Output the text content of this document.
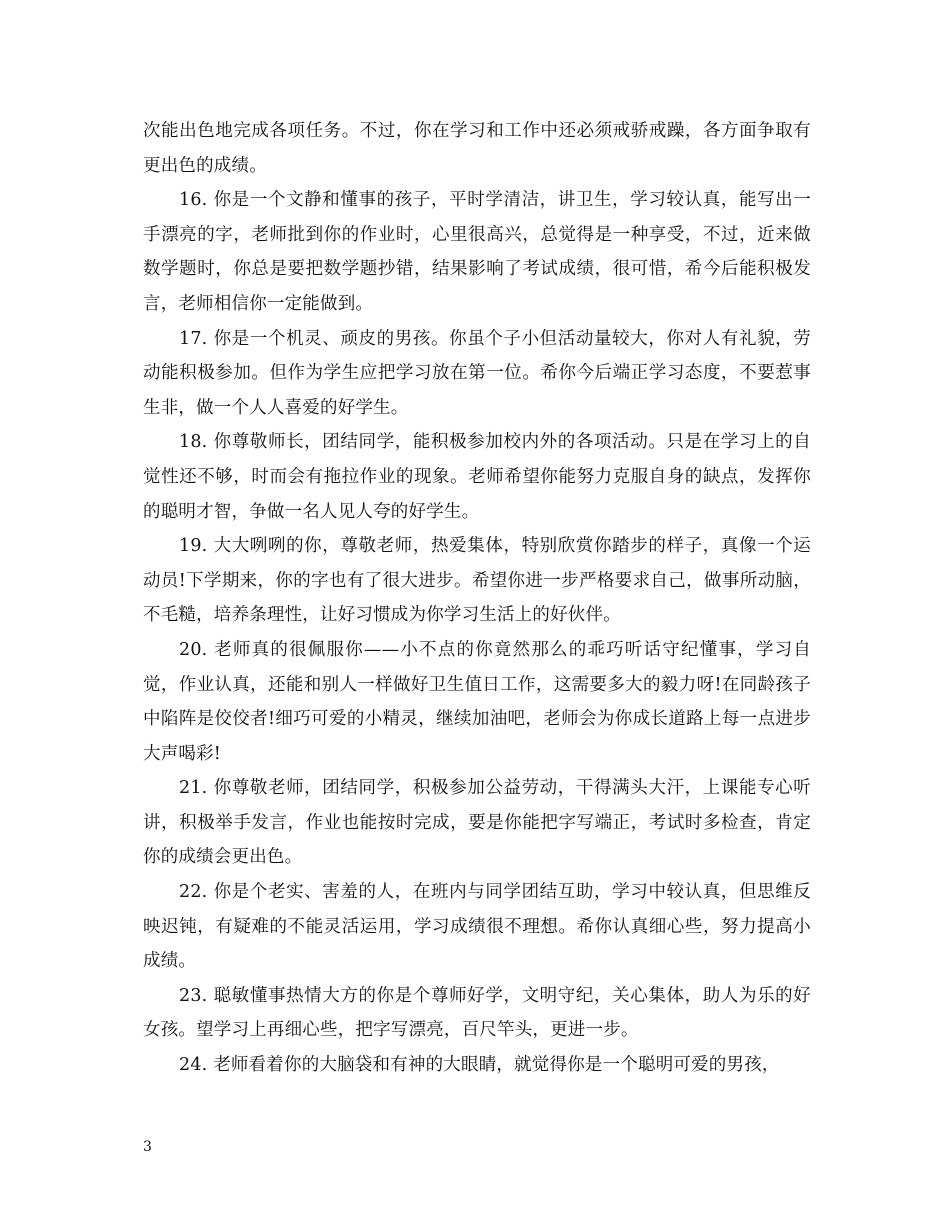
次能出色地完成各项任务。不过，你在学习和工作中还必须戒骄戒躁，各方面争取有更出色的成绩。

16. 你是一个文静和懂事的孩子，平时学清洁，讲卫生，学习较认真，能写出一手漂亮的字，老师批到你的作业时，心里很高兴，总觉得是一种享受，不过，近来做数学题时，你总是要把数学题抄错，结果影响了考试成绩，很可惜，希今后能积极发言，老师相信你一定能做到。

17. 你是一个机灵、顽皮的男孩。你虽个子小但活动量较大，你对人有礼貌，劳动能积极参加。但作为学生应把学习放在第一位。希你今后端正学习态度，不要惹事生非，做一个人人喜爱的好学生。

18. 你尊敬师长，团结同学，能积极参加校内外的各项活动。只是在学习上的自觉性还不够，时而会有拖拉作业的现象。老师希望你能努力克服自身的缺点，发挥你的聪明才智，争做一名人见人夸的好学生。

19. 大大咧咧的你，尊敬老师，热爱集体，特别欣赏你踏步的样子，真像一个运动员!下学期来，你的字也有了很大进步。希望你进一步严格要求自己，做事所动脑，不毛糙，培养条理性，让好习惯成为你学习生活上的好伙伴。

20. 老师真的很佩服你——小不点的你竟然那么的乖巧听话守纪懂事，学习自觉，作业认真，还能和别人一样做好卫生值日工作，这需要多大的毅力呀!在同龄孩子中陷阵是佼佼者!细巧可爱的小精灵，继续加油吧，老师会为你成长道路上每一点进步大声喝彩!

21. 你尊敬老师，团结同学，积极参加公益劳动，干得满头大汗，上课能专心听讲，积极举手发言，作业也能按时完成，要是你能把字写端正，考试时多检查，肯定你的成绩会更出色。

22. 你是个老实、害羞的人，在班内与同学团结互助，学习中较认真，但思维反映迟钝，有疑难的不能灵活运用，学习成绩很不理想。希你认真细心些，努力提高小成绩。

23. 聪敏懂事热情大方的你是个尊师好学，文明守纪，关心集体，助人为乐的好女孩。望学习上再细心些，把字写漂亮，百尺竿头，更进一步。

24. 老师看着你的大脑袋和有神的大眼睛，就觉得你是一个聪明可爱的男孩，

3
